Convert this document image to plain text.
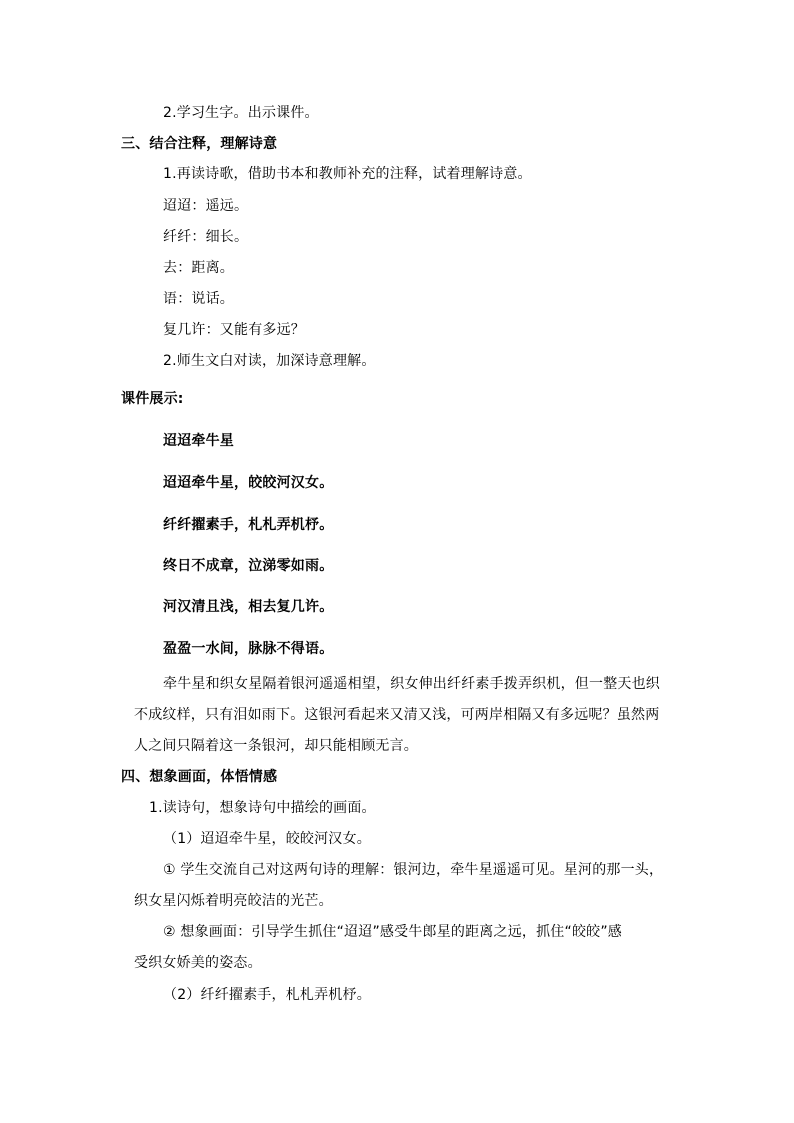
2.学习生字。出示课件。
三、结合注释，理解诗意
1.再读诗歌，借助书本和教师补充的注释，试着理解诗意。
迢迢：遥远。
纤纤：细长。
去：距离。
语：说话。
复几许：又能有多远？
2.师生文白对读，加深诗意理解。
课件展示:
迢迢牵牛星
迢迢牵牛星，皎皎河汉女。
纤纤擢素手，札札弄机杼。
终日不成章，泣涕零如雨。
河汉清且浅，相去复几许。
盈盈一水间，脉脉不得语。
牵牛星和织女星隔着银河遥遥相望，织女伸出纤纤素手拨弄织机，但一整天也织
不成纹样，只有泪如雨下。这银河看起来又清又浅，可两岸相隔又有多远呢？虽然两
人之间只隔着这一条银河，却只能相顾无言。
四、想象画面，体悟情感
1.读诗句，想象诗句中描绘的画面。
（1）迢迢牵牛星，皎皎河汉女。
① 学生交流自己对这两句诗的理解：银河边，牵牛星遥遥可见。星河的那一头，
织女星闪烁着明亮皎洁的光芒。
② 想象画面：引导学生抓住“迢迢”感受牛郎星的距离之远，抓住“皎皎”感
受织女娇美的姿态。
（2）纤纤擢素手，札札弄机杼。
